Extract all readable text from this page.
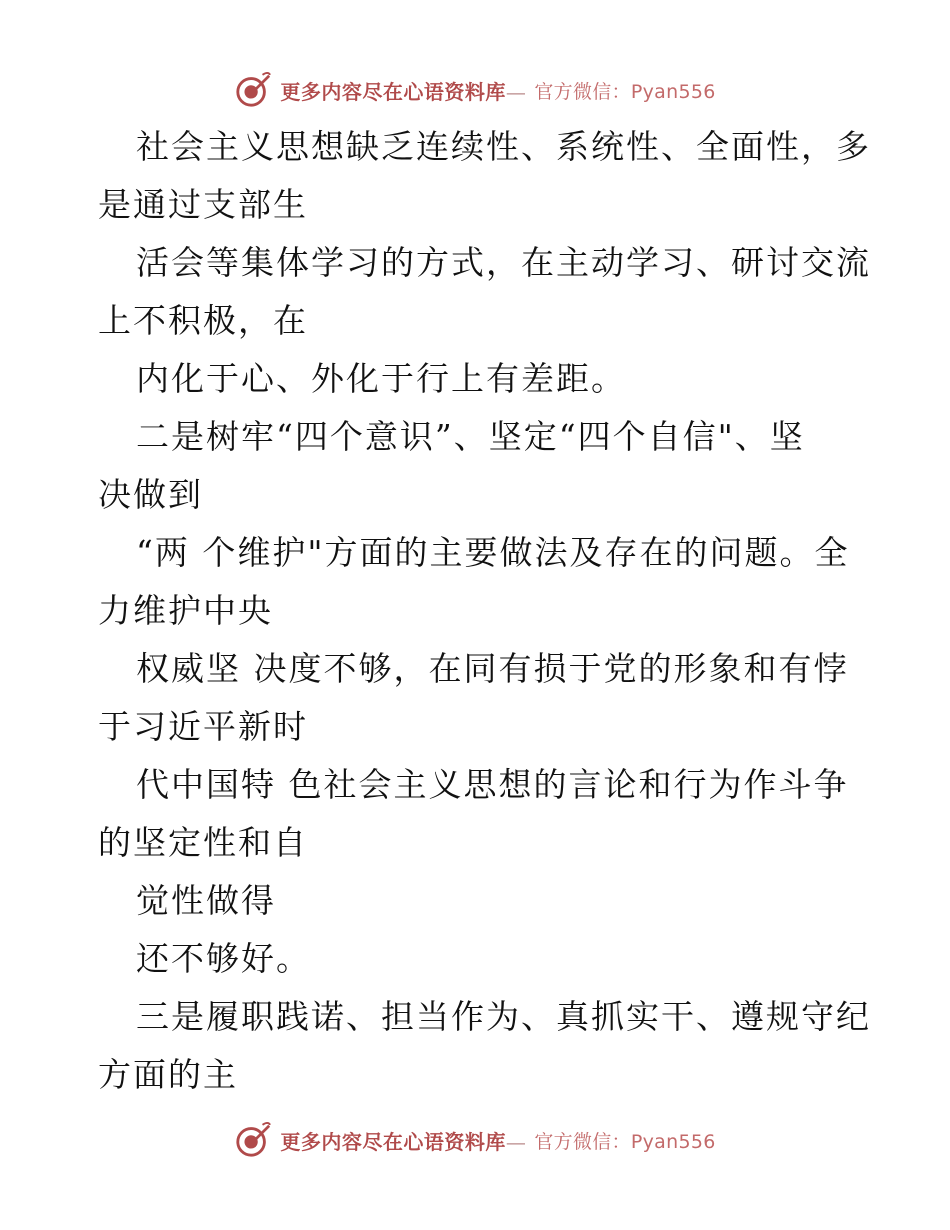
更多内容尽在心语资料库— 官方微信：Pyan556
社会主义思想缺乏连续性、系统性、全面性，多
是通过支部生
活会等集体学习的方式，在主动学习、研讨交流
上不积极，在
内化于心、外化于行上有差距。
二是树牢“四个意识”、坚定“四个自信"、坚
决做到
“两 个维护"方面的主要做法及存在的问题。全
力维护中央
权威坚 决度不够，在同有损于党的形象和有悖
于习近平新时
代中国特 色社会主义思想的言论和行为作斗争
的坚定性和自
觉性做得
还不够好。
三是履职践诺、担当作为、真抓实干、遵规守纪
方面的主
更多内容尽在心语资料库— 官方微信：Pyan556
